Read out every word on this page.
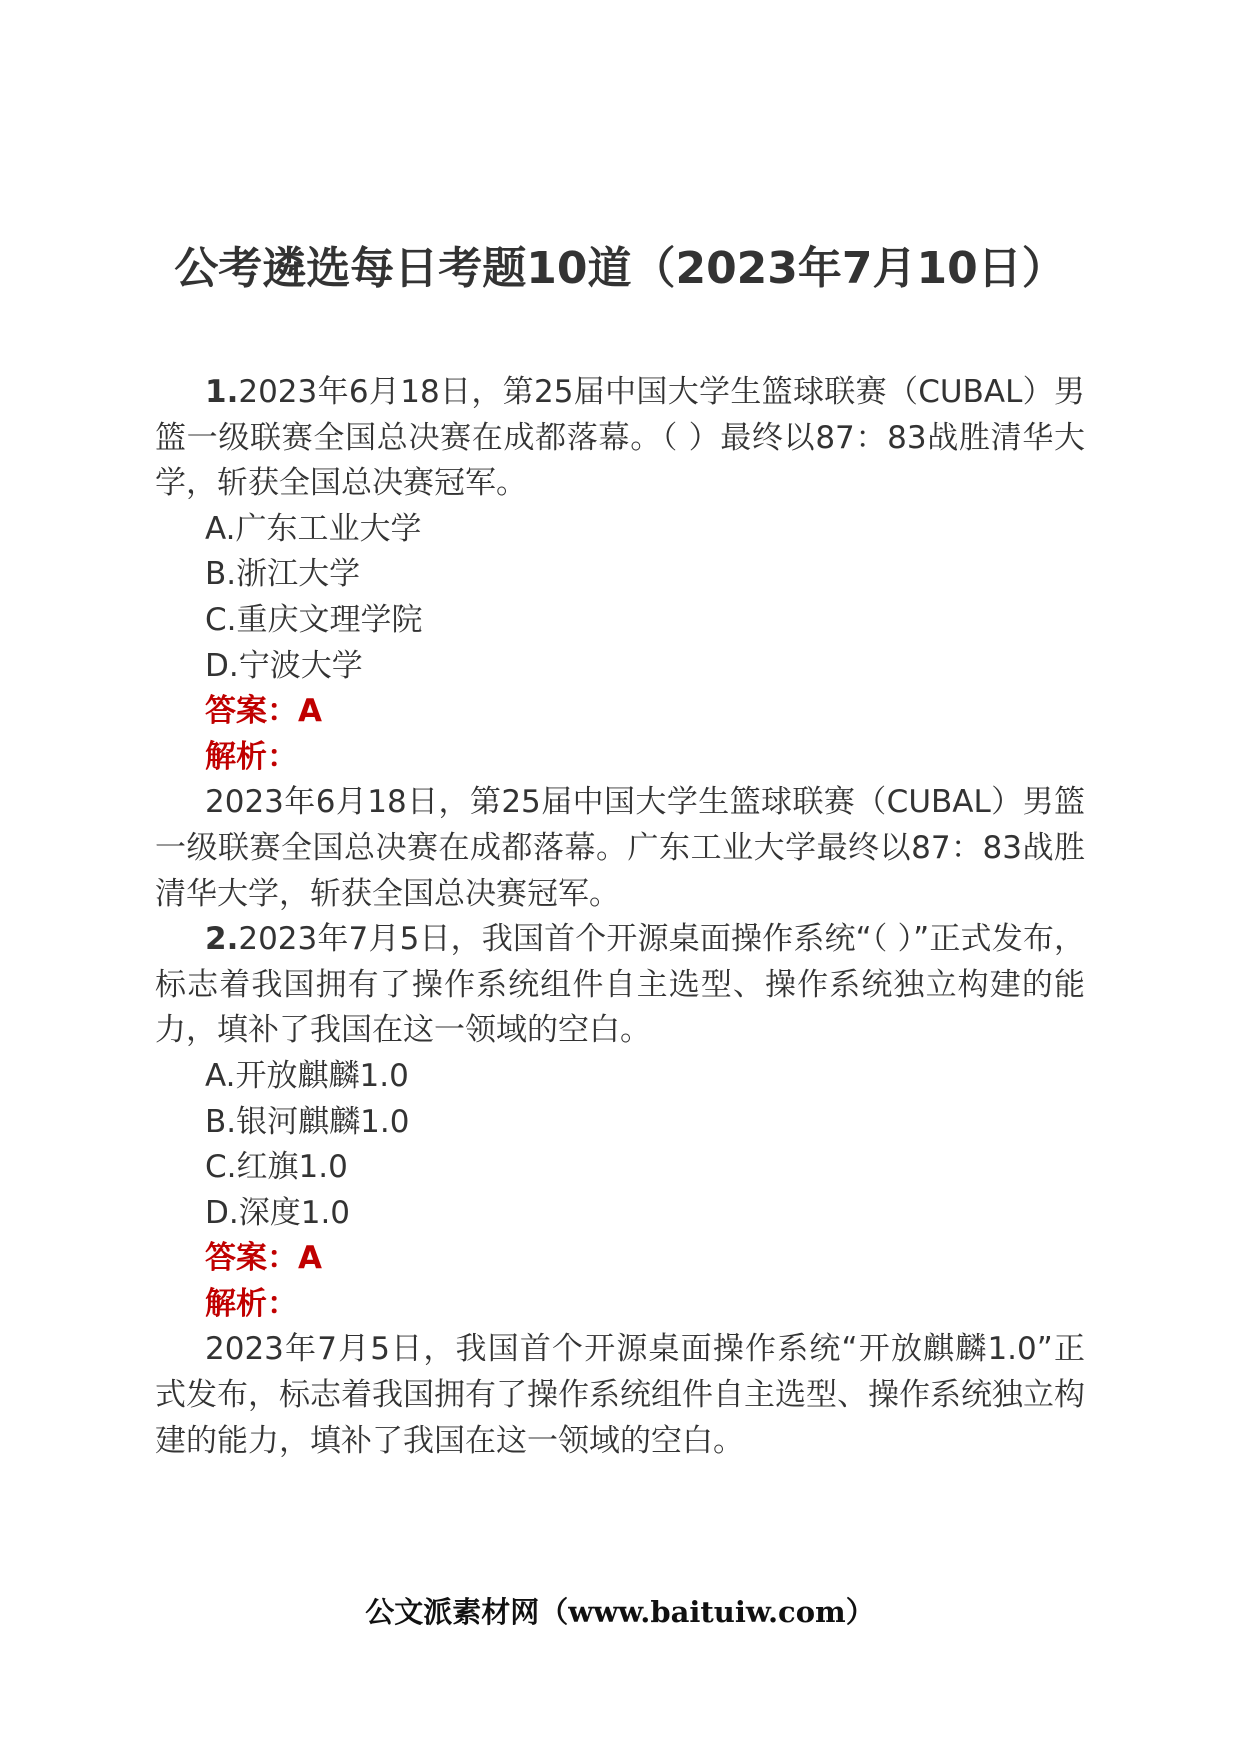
公考遴选每日考题10道（2023年7月10日）

1.2023年6月18日，第25届中国大学生篮球联赛（CUBAL）男篮一级联赛全国总决赛在成都落幕。（ ）最终以87：83战胜清华大学，斩获全国总决赛冠军。

A.广东工业大学

B.浙江大学

C.重庆文理学院

D.宁波大学

答案：A

解析：

2023年6月18日，第25届中国大学生篮球联赛（CUBAL）男篮一级联赛全国总决赛在成都落幕。广东工业大学最终以87：83战胜清华大学，斩获全国总决赛冠军。

2.2023年7月5日，我国首个开源桌面操作系统“（ ）”正式发布，标志着我国拥有了操作系统组件自主选型、操作系统独立构建的能力，填补了我国在这一领域的空白。

A.开放麒麟1.0

B.银河麒麟1.0

C.红旗1.0

D.深度1.0

答案：A

解析：

2023年7月5日，我国首个开源桌面操作系统“开放麒麟1.0”正式发布，标志着我国拥有了操作系统组件自主选型、操作系统独立构建的能力，填补了我国在这一领域的空白。

公文派素材网（www.baituiw.com）
